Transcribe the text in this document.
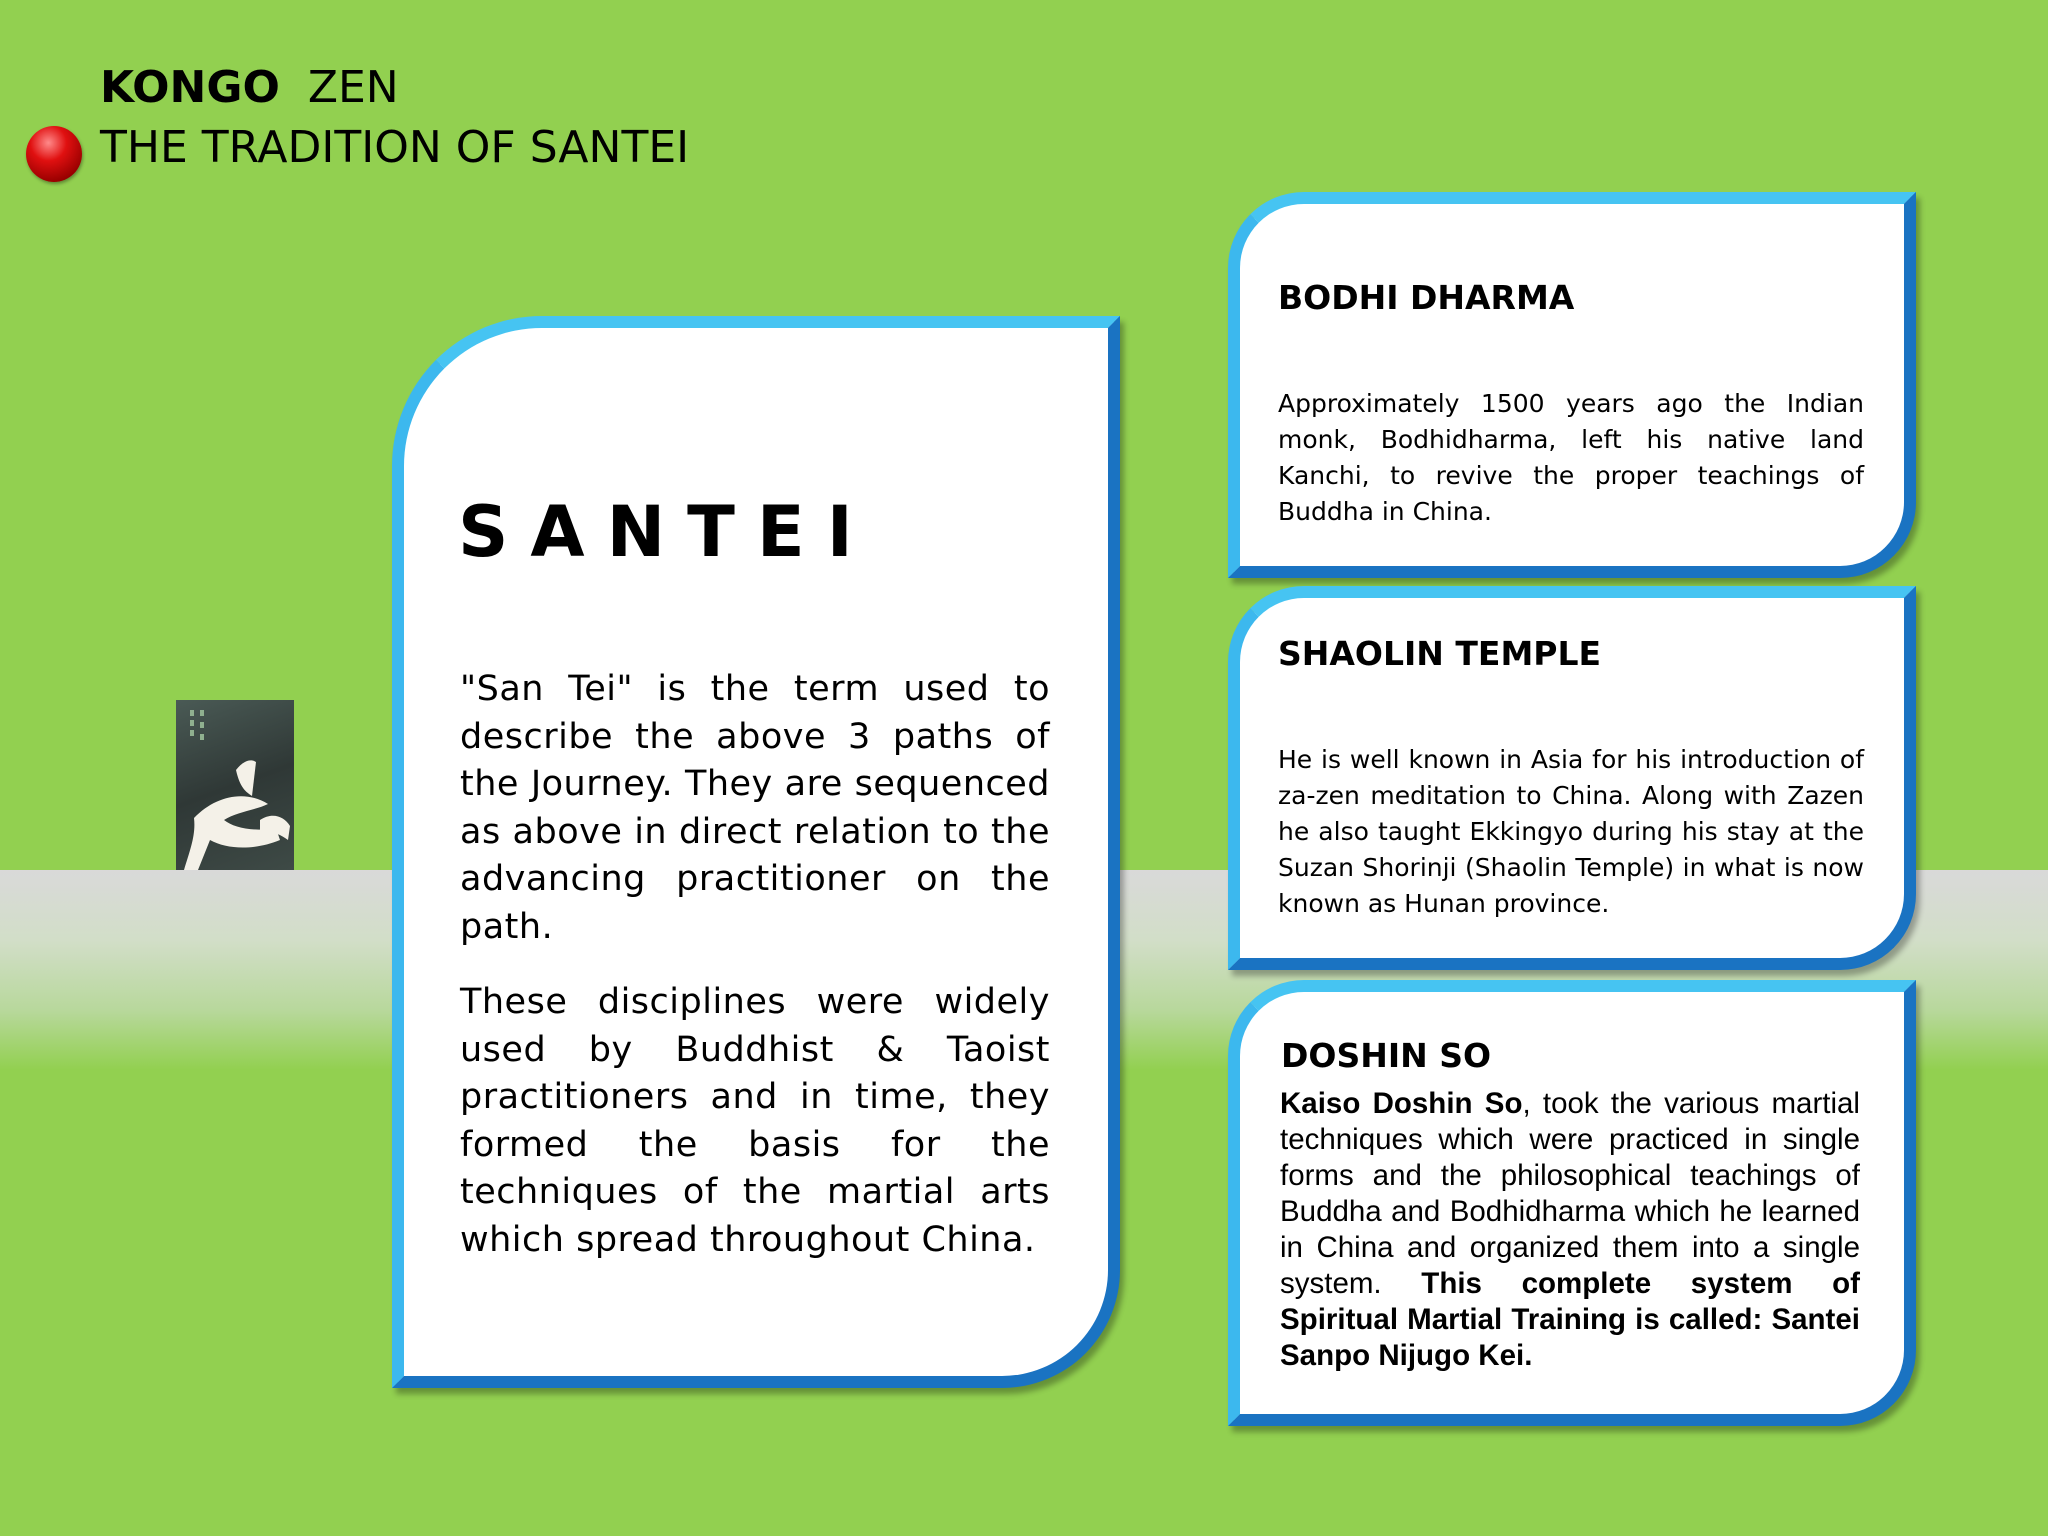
KONGO ZEN
THE TRADITION OF SANTEI
SANTEI

"San Tei" is the term used to describe the above 3 paths of the Journey. They are sequenced as above in direct relation to the advancing practitioner on the path.

These disciplines were widely used by Buddhist & Taoist practitioners and in time, they formed the basis for the techniques of the martial arts which spread throughout China.

BODHI DHARMA

Approximately 1500 years ago the Indian monk, Bodhidharma, left his native land Kanchi, to revive the proper teachings of Buddha in China.

SHAOLIN TEMPLE

He is well known in Asia for his introduction of za-zen meditation to China. Along with Zazen he also taught Ekkingyo during his stay at the Suzan Shorinji (Shaolin Temple) in what is now known as Hunan province.

DOSHIN SO

Kaiso Doshin So, took the various martial techniques which were practiced in single forms and the philosophical teachings of Buddha and Bodhidharma which he learned in China and organized them into a single system. This complete system of Spiritual Martial Training is called: Santei Sanpo Nijugo Kei.
